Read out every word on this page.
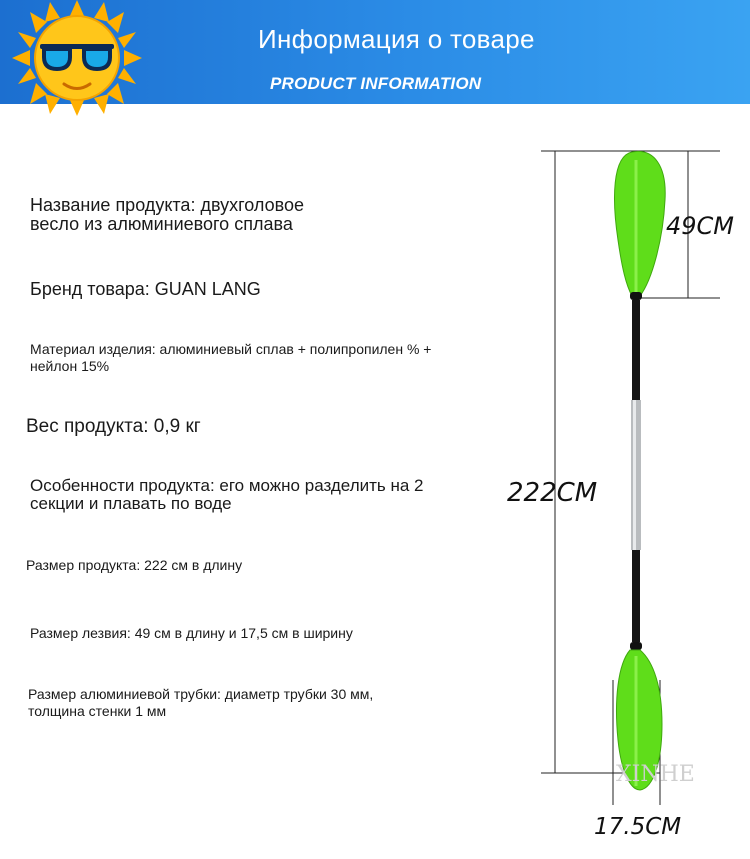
Информация о товаре
PRODUCT INFORMATION
Название продукта: двухголовое
весло из алюминиевого сплава
Бренд товара: GUAN LANG
Материал изделия: алюминиевый сплав + полипропилен % +
нейлон 15%
Вес продукта: 0,9 кг
Особенности продукта: его можно разделить на 2
секции и плавать по воде
Размер продукта: 222 см в длину
Размер лезвия: 49 см в длину и 17,5 см в ширину
Размер алюминиевой трубки: диаметр трубки 30 мм,
толщина стенки 1 мм
49CM
222CM
17.5CM
XINHE
